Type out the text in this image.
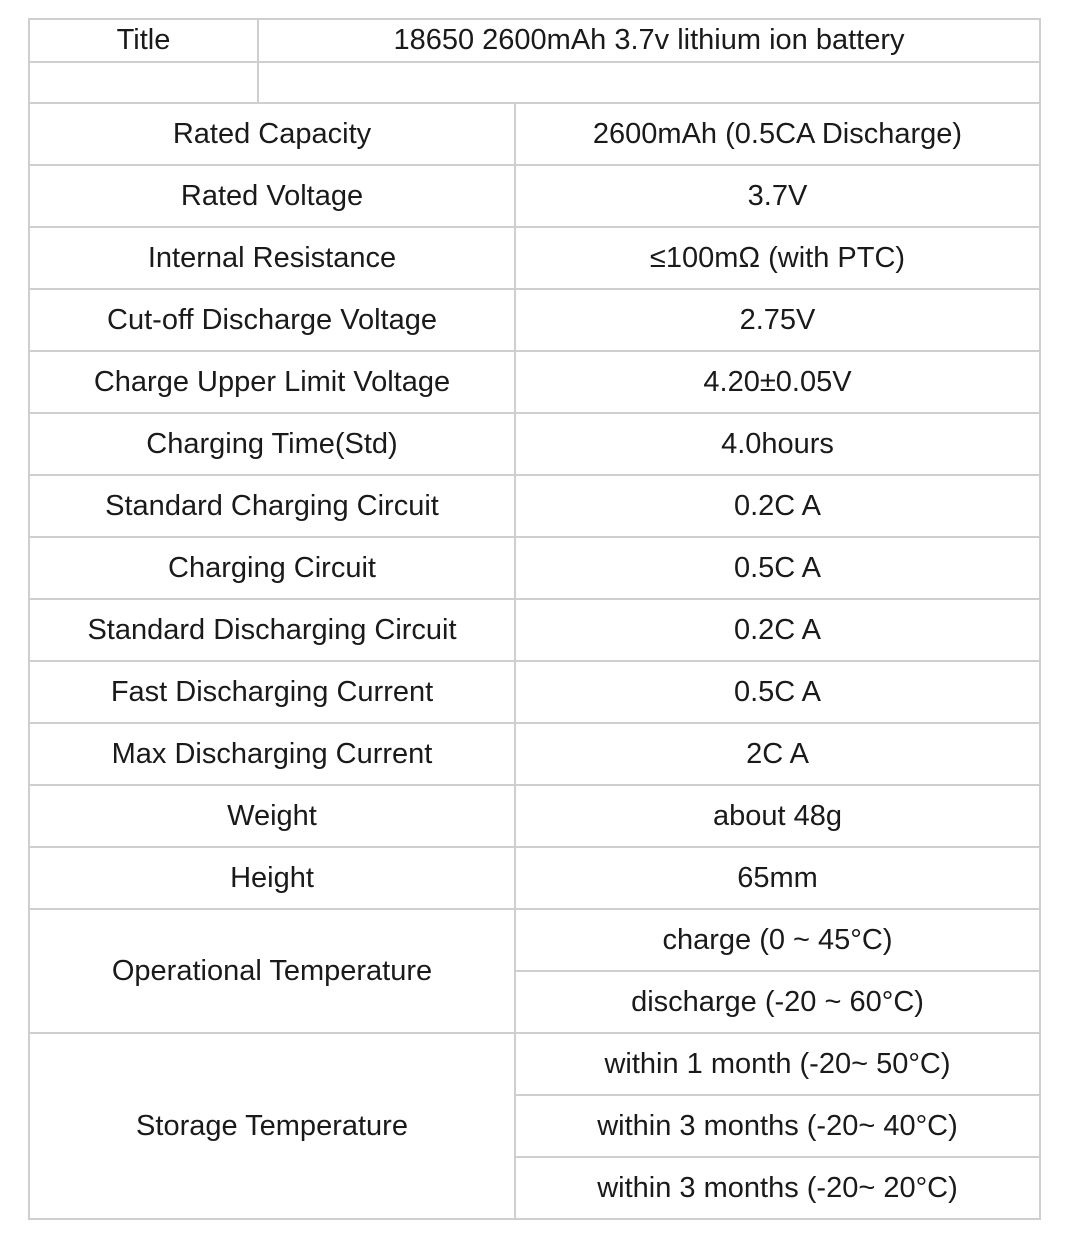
Title	18650 2600mAh 3.7v lithium ion battery

Rated Capacity	2600mAh (0.5CA Discharge)
Rated Voltage	3.7V
Internal Resistance	≤100mΩ (with PTC)
Cut-off Discharge Voltage	2.75V
Charge Upper Limit Voltage	4.20±0.05V
Charging Time(Std)	4.0hours
Standard Charging Circuit	0.2C A
Charging Circuit	0.5C A
Standard Discharging Circuit	0.2C A
Fast Discharging Current	0.5C A
Max Discharging Current	2C A
Weight	about 48g
Height	65mm
Operational Temperature	charge (0 ~ 45°C)
	discharge (-20 ~ 60°C)
Storage Temperature	within 1 month (-20~ 50°C)
	within 3 months (-20~ 40°C)
	within 3 months (-20~ 20°C)
